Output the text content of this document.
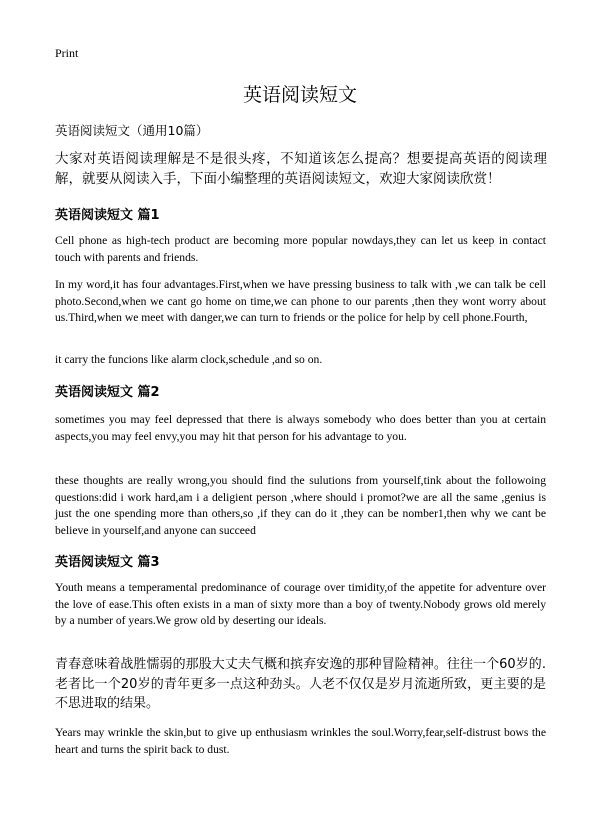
Print
英语阅读短文
英语阅读短文（通用10篇）
大家对英语阅读理解是不是很头疼，不知道该怎么提高？想要提高英语的阅读理解，就要从阅读入手，下面小编整理的英语阅读短文，欢迎大家阅读欣赏！
英语阅读短文 篇1
Cell phone as high-tech product are becoming more popular nowdays,they can let us keep in contact touch with parents and friends.
In my word,it has four advantages.First,when we have pressing business to talk with ,we can talk be cell photo.Second,when we cant go home on time,we can phone to our parents ,then they wont worry about us.Third,when we meet with danger,we can turn to friends or the police for help by cell phone.Fourth,
it carry the funcions like alarm clock,schedule ,and so on.
英语阅读短文 篇2
sometimes you may feel depressed that there is always somebody who does better than you at certain aspects,you may feel envy,you may hit that person for his advantage to you.
these thoughts are really wrong,you should find the sulutions from yourself,tink about the followoing questions:did i work hard,am i a deligient person ,where should i promot?we are all the same ,genius is just the one spending more than others,so ,if they can do it ,they can be nomber1,then why we cant be believe in yourself,and anyone can succeed
英语阅读短文 篇3
Youth means a temperamental predominance of courage over timidity,of the appetite for adventure over the love of ease.This often exists in a man of sixty more than a boy of twenty.Nobody grows old merely by a number of years.We grow old by deserting our ideals.
青春意味着战胜懦弱的那股大丈夫气概和摈弃安逸的那种冒险精神。往往一个60岁的.老者比一个20岁的青年更多一点这种劲头。人老不仅仅是岁月流逝所致，更主要的是不思进取的结果。
Years may wrinkle the skin,but to give up enthusiasm wrinkles the soul.Worry,fear,self-distrust bows the heart and turns the spirit back to dust.
